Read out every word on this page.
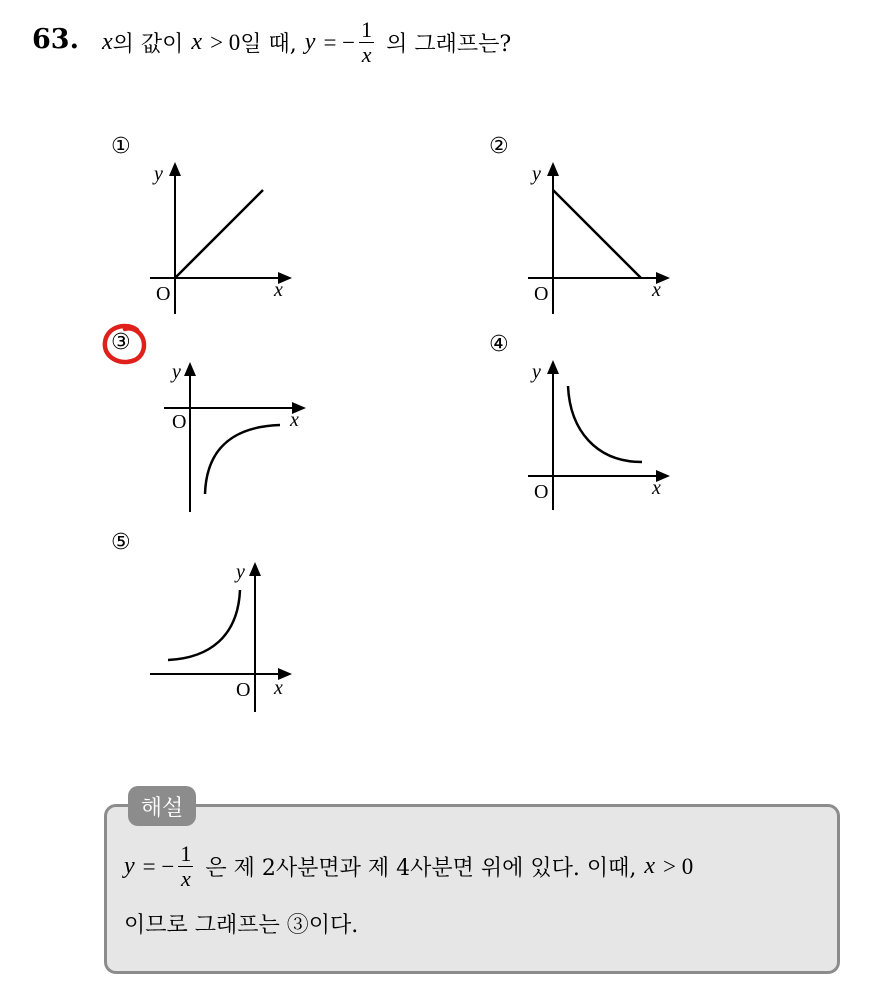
63. x 의 값이 x > 0 일 때, y = − $\frac{1}{x}$ 의 그래프는?
①	②
③	④
⑤
y
O	x
y
O	x
y
O	x
y
O	x
y
O x
해설
y = − $\frac{1}{x}$ 은 제 2사분면과 제 4사분면 위에 있다. 이때, x > 0
이므로 그래프는 ③이다.
